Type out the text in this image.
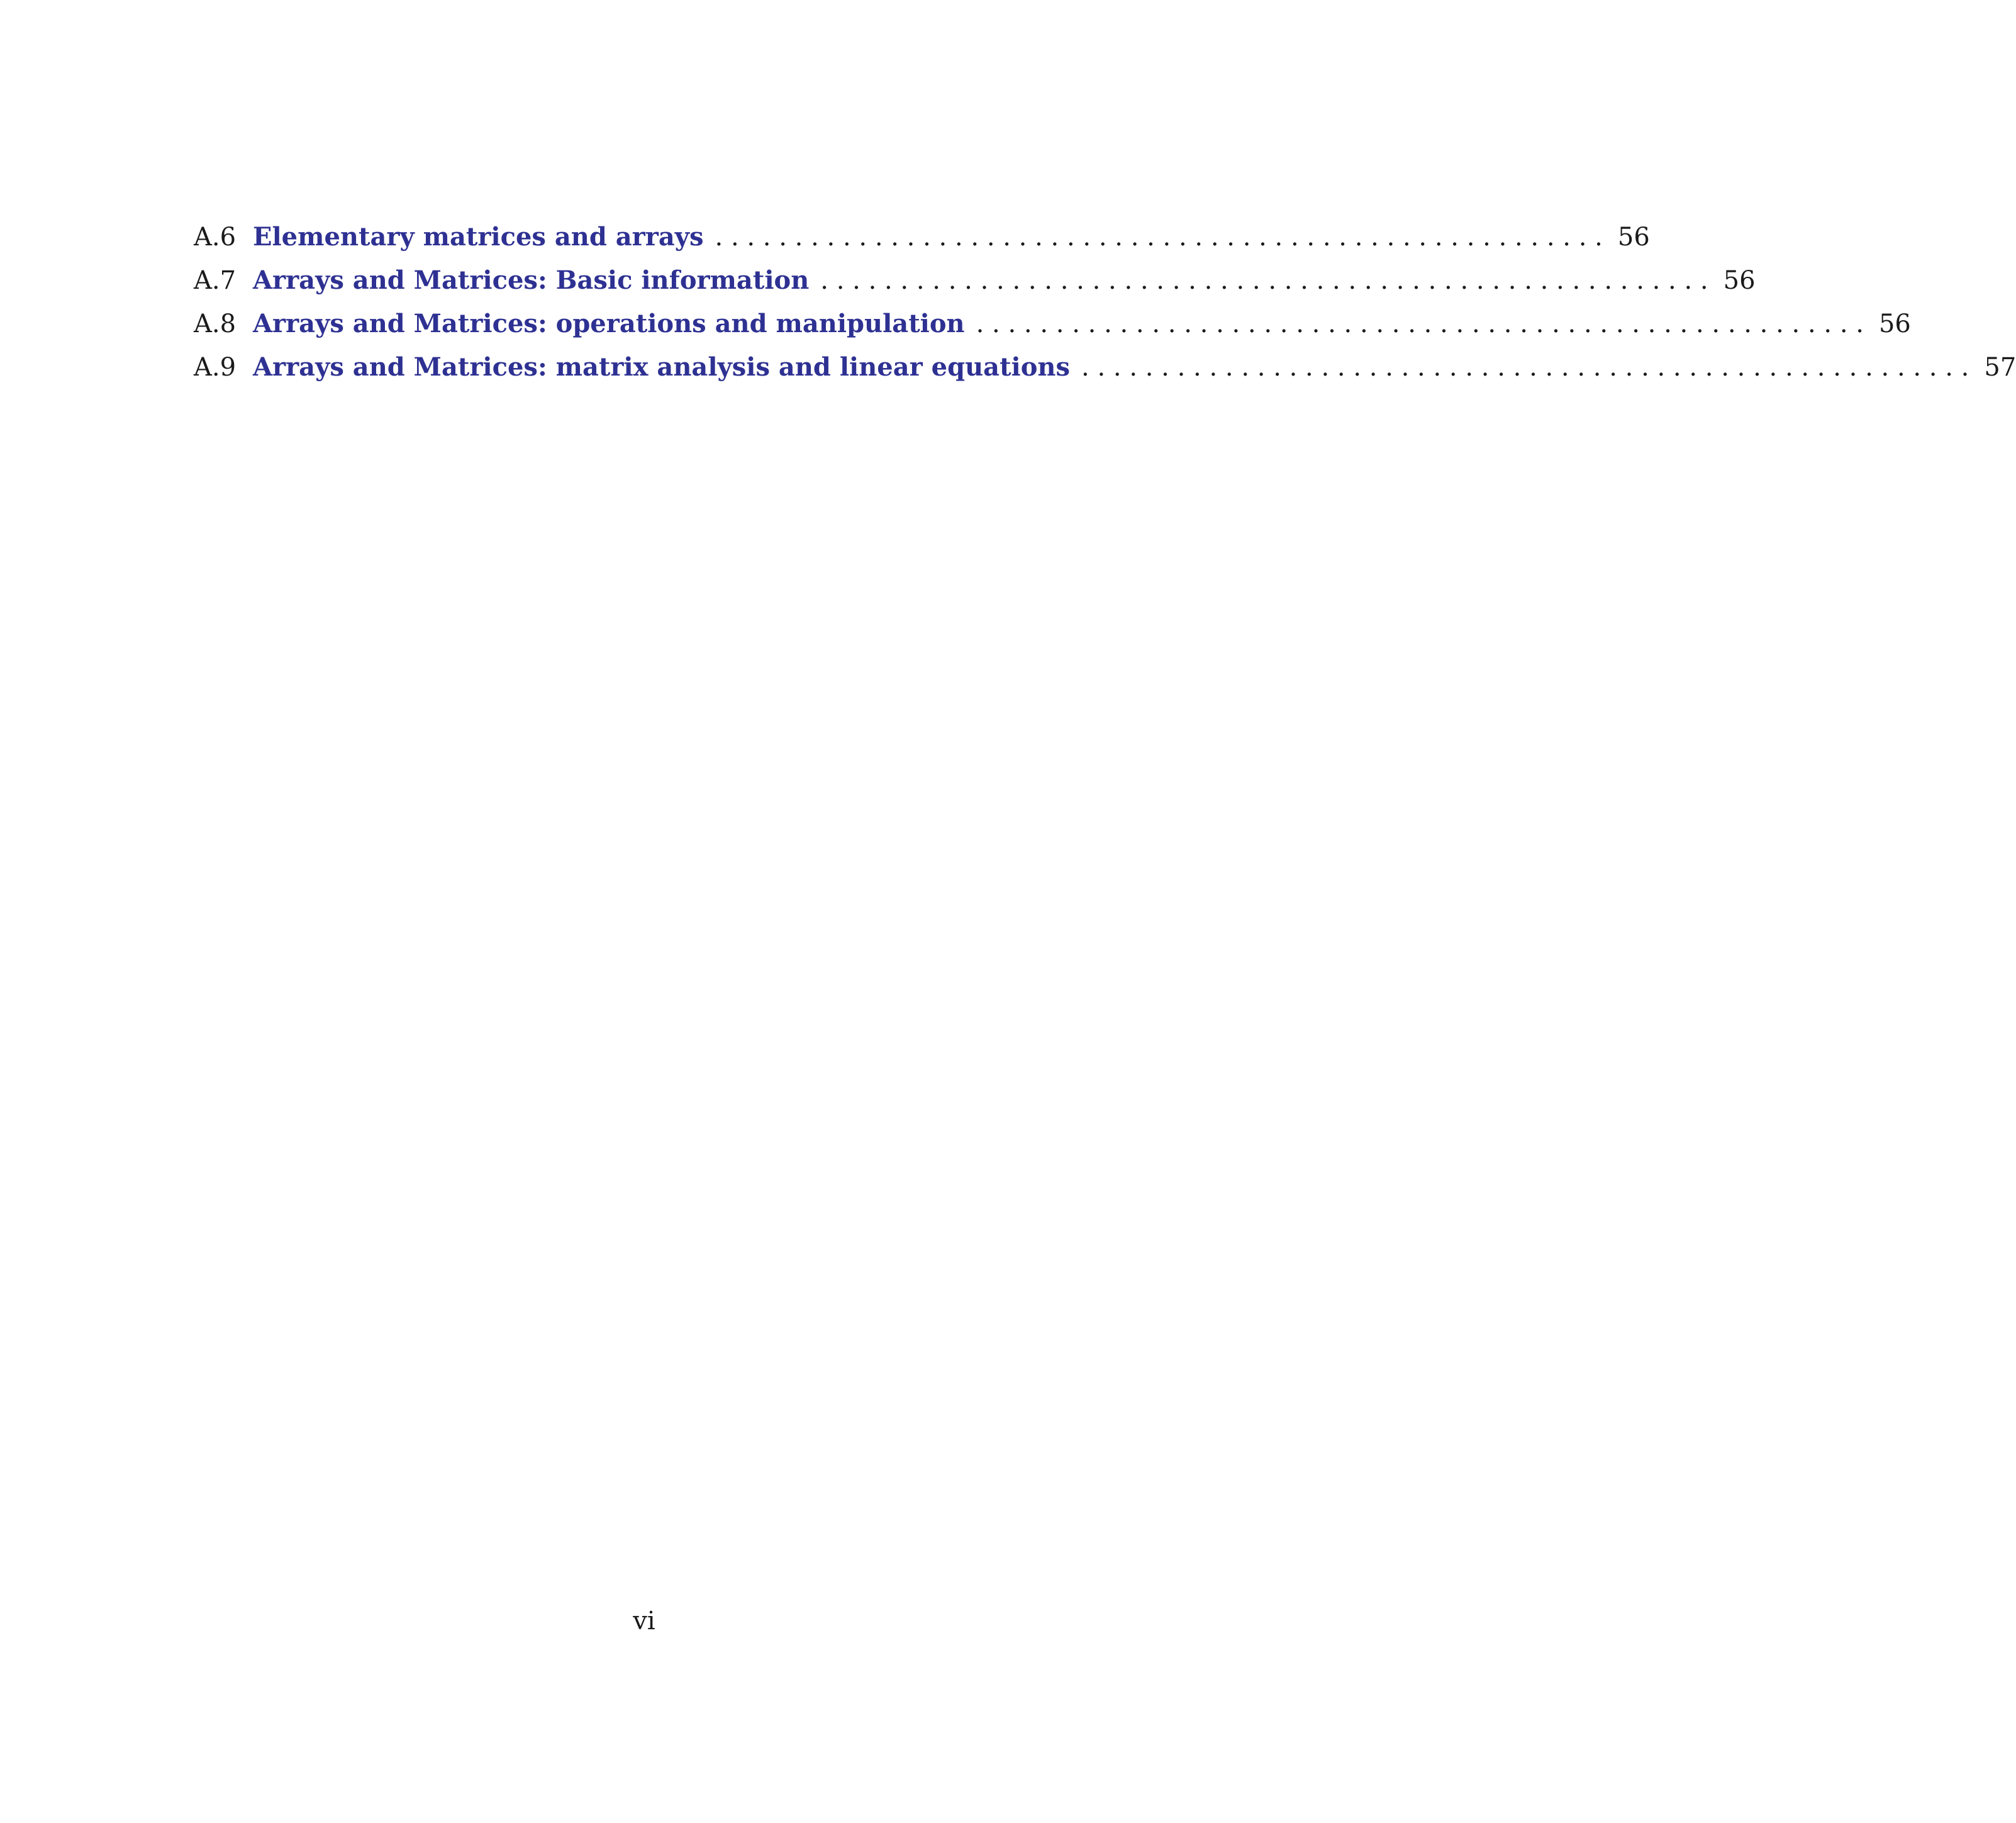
A.6 Elementary matrices and arrays . . . . . . . . . . . . . . . . . . . . . . . . . . . . . . . . . . . . . . . . . . . . . . . . . . . . . . . . 56
A.7 Arrays and Matrices: Basic information . . . . . . . . . . . . . . . . . . . . . . . . . . . . . . . . . . . . . . . . . . . . . . . . . . . . . . . . 56
A.8 Arrays and Matrices: operations and manipulation . . . . . . . . . . . . . . . . . . . . . . . . . . . . . . . . . . . . . . . . . . . . . . . . . . . . . . . . 56
A.9 Arrays and Matrices: matrix analysis and linear equations . . . . . . . . . . . . . . . . . . . . . . . . . . . . . . . . . . . . . . . . . . . . . . . . . . . . . . . . 57
vi
